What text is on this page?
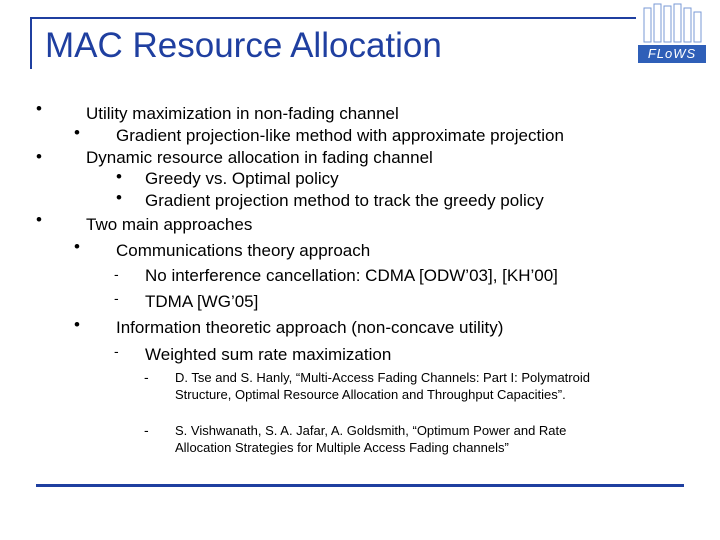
MAC Resource Allocation	FLoWS
•
•
•
Utility maximization in non-fading channel
• Gradient projection-like method with approximate projection
Dynamic resource allocation in fading channel
• Greedy vs. Optimal policy
• Gradient projection method to track the greedy policy
Two main approaches
• Communications theory approach
- No interference cancellation: CDMA [ODW’03], [KH’00]
- TDMA [WG’05]
• Information theoretic approach (non-concave utility)
- Weighted sum rate maximization
- D. Tse and S. Hanly, “Multi-Access Fading Channels: Part I: Polymatroid Structure, Optimal Resource Allocation and Throughput Capacities”.
- S. Vishwanath, S. A. Jafar, A. Goldsmith, “Optimum Power and Rate Allocation Strategies for Multiple Access Fading channels”
